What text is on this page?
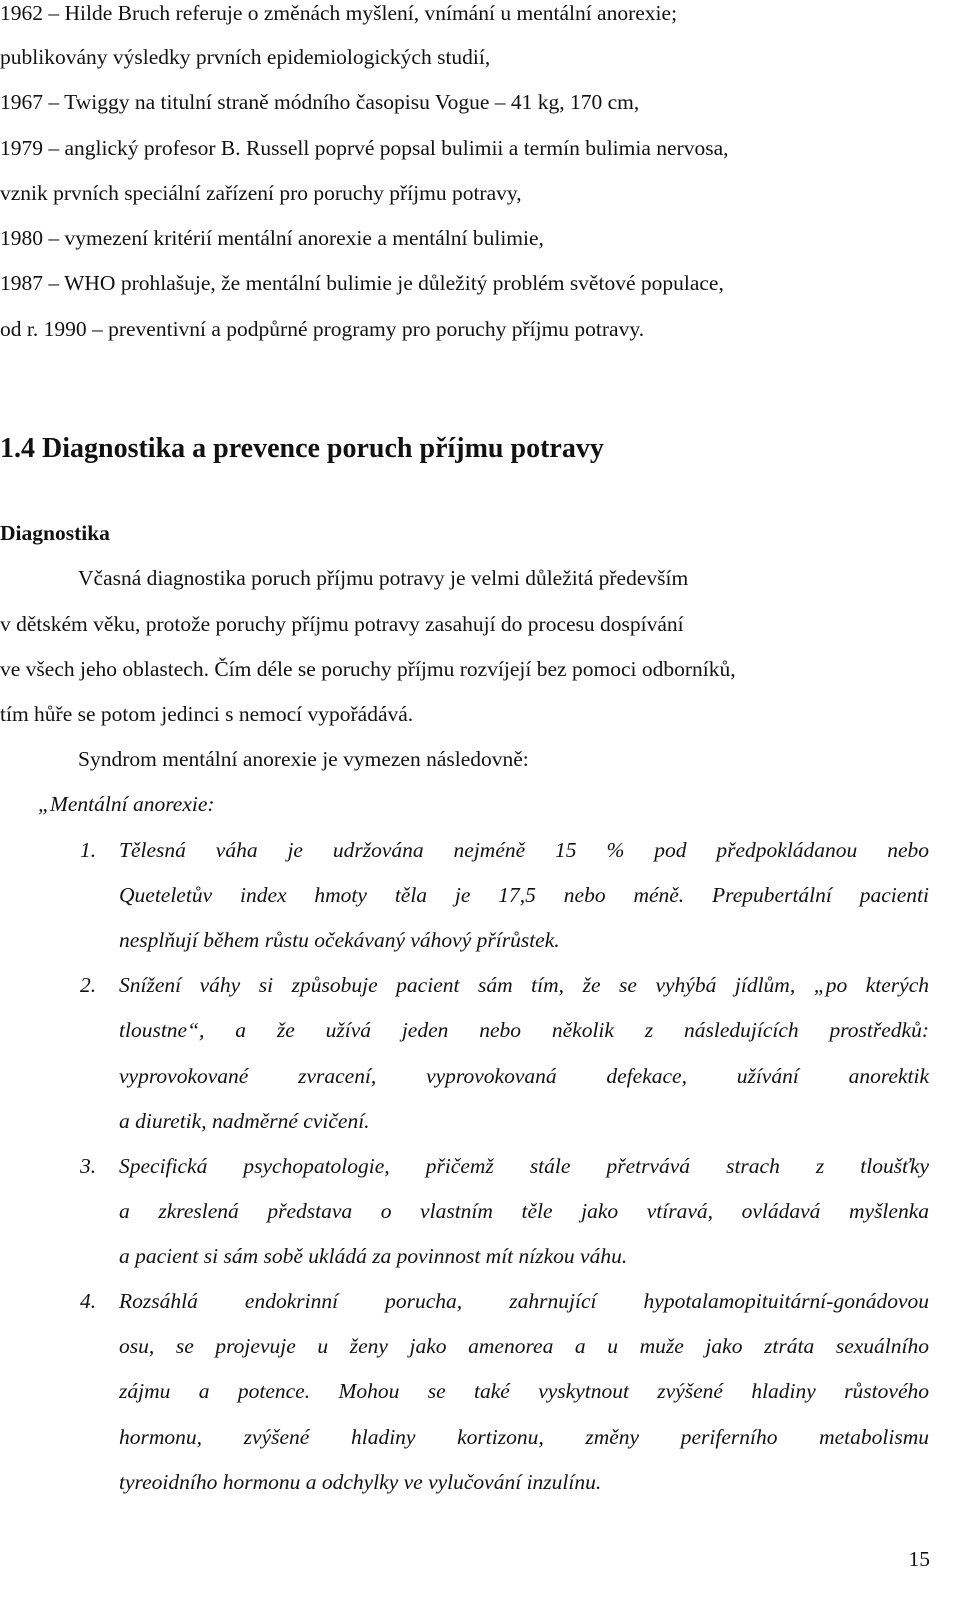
1962 – Hilde Bruch referuje o změnách myšlení, vnímání u mentální anorexie;
publikovány výsledky prvních epidemiologických studií,
1967 – Twiggy na titulní straně módního časopisu Vogue – 41 kg, 170 cm,
1979 – anglický profesor B. Russell poprvé popsal bulimii a termín bulimia nervosa,
vznik prvních speciální zařízení pro poruchy příjmu potravy,
1980 – vymezení kritérií mentální anorexie a mentální bulimie,
1987 – WHO prohlašuje, že mentální bulimie je důležitý problém světové populace,
od r. 1990 – preventivní a podpůrné programy pro poruchy příjmu potravy.
1.4 Diagnostika a prevence poruch příjmu potravy
Diagnostika
Včasná diagnostika poruch příjmu potravy je velmi důležitá především
v dětském věku, protože poruchy příjmu potravy zasahují do procesu dospívání
ve všech jeho oblastech. Čím déle se poruchy příjmu rozvíjejí bez pomoci odborníků,
tím hůře se potom jedinci s nemocí vypořádává.
Syndrom mentální anorexie je vymezen následovně:
„Mentální anorexie:
1.	Tělesná váha je udržována nejméně 15 % pod předpokládanou nebo
Queteletův index hmoty těla je 17,5 nebo méně. Prepubertální pacienti
nesplňují během růstu očekávaný váhový přírůstek.
2.	Snížení váhy si způsobuje pacient sám tím, že se vyhýbá jídlům, „po kterých
tloustne“, a že užívá jeden nebo několik z následujících prostředků:
vyprovokované zvracení, vyprovokovaná defekace, užívání anorektik
a diuretik, nadměrné cvičení.
3.	Specifická psychopatologie, přičemž stále přetrvává strach z tloušťky
a zkreslená představa o vlastním těle jako vtíravá, ovládavá myšlenka
a pacient si sám sobě ukládá za povinnost mít nízkou váhu.
4.	Rozsáhlá endokrinní porucha, zahrnující hypotalamopituitární-gonádovou
osu, se projevuje u ženy jako amenorea a u muže jako ztráta sexuálního
zájmu a potence. Mohou se také vyskytnout zvýšené hladiny růstového
hormonu, zvýšené hladiny kortizonu, změny periferního metabolismu
tyreoidního hormonu a odchylky ve vylučování inzulínu.
15
